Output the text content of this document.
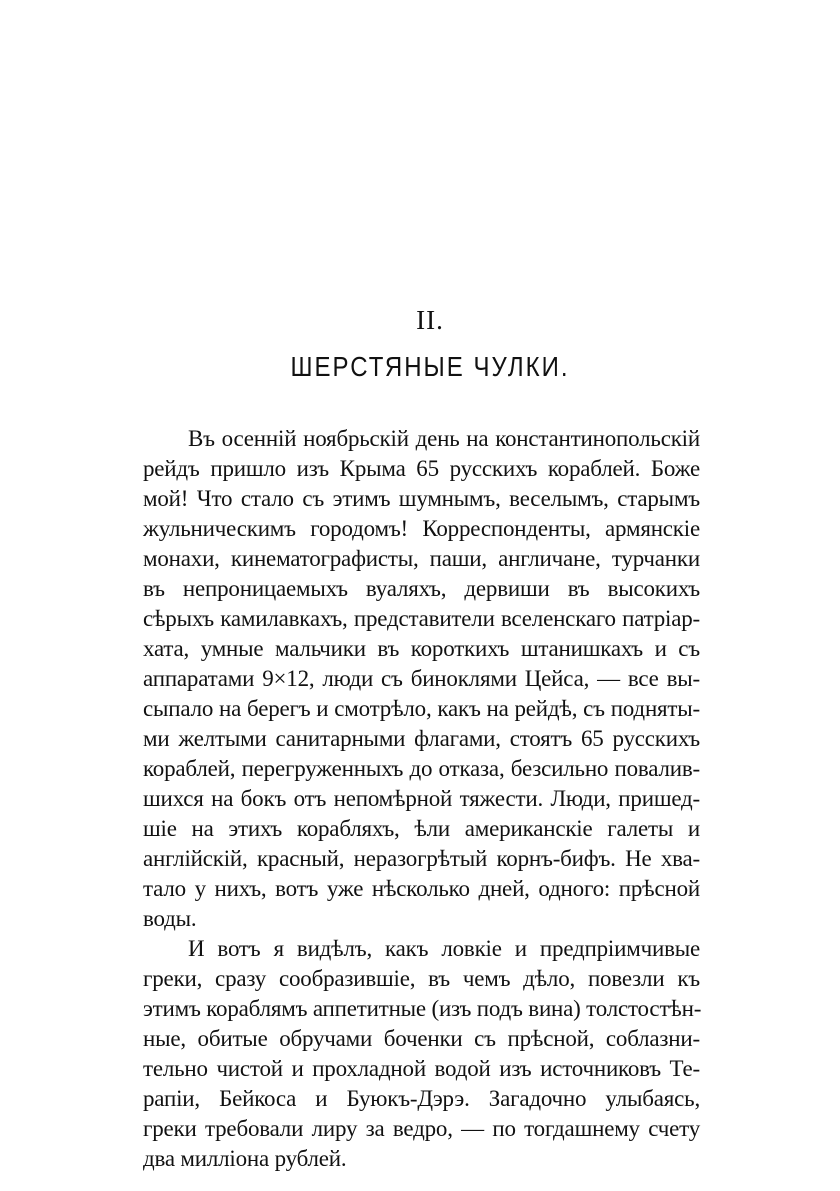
II.
ШЕРСТЯНЫЕ ЧУЛКИ.
Въ осенній ноябрьскій день на константинопольскій
рейдъ пришло изъ Крыма 65 русскихъ кораблей. Боже
мой! Что стало съ этимъ шумнымъ, веселымъ, старымъ
жульническимъ городомъ! Корреспонденты, армянскіе
монахи, кинематографисты, паши, англичане, турчанки
въ непроницаемыхъ вуаляхъ, дервиши въ высокихъ
сѣрыхъ камилавкахъ, представители вселенскаго патріар-
хата, умные мальчики въ короткихъ штанишкахъ и съ
аппаратами 9×12, люди съ биноклями Цейса, — все вы-
сыпало на берегъ и смотрѣло, какъ на рейдѣ, съ подняты-
ми желтыми санитарными флагами, стоятъ 65 русскихъ
кораблей, перегруженныхъ до отказа, безсильно повалив-
шихся на бокъ отъ непомѣрной тяжести. Люди, пришед-
шіе на этихъ корабляхъ, ѣли американскіе галеты и
англійскій, красный, неразогрѣтый корнъ-бифъ. Не хва-
тало у нихъ, вотъ уже нѣсколько дней, одного: прѣсной
воды.
И вотъ я видѣлъ, какъ ловкіе и предпріимчивые
греки, сразу сообразившіе, въ чемъ дѣло, повезли къ
этимъ кораблямъ аппетитные (изъ подъ вина) толстостѣн-
ные, обитые обручами боченки съ прѣсной, соблазни-
тельно чистой и прохладной водой изъ источниковъ Те-
рапіи, Бейкоса и Буюкъ-Дэрэ. Загадочно улыбаясь,
греки требовали лиру за ведро, — по тогдашнему счету
два милліона рублей.
